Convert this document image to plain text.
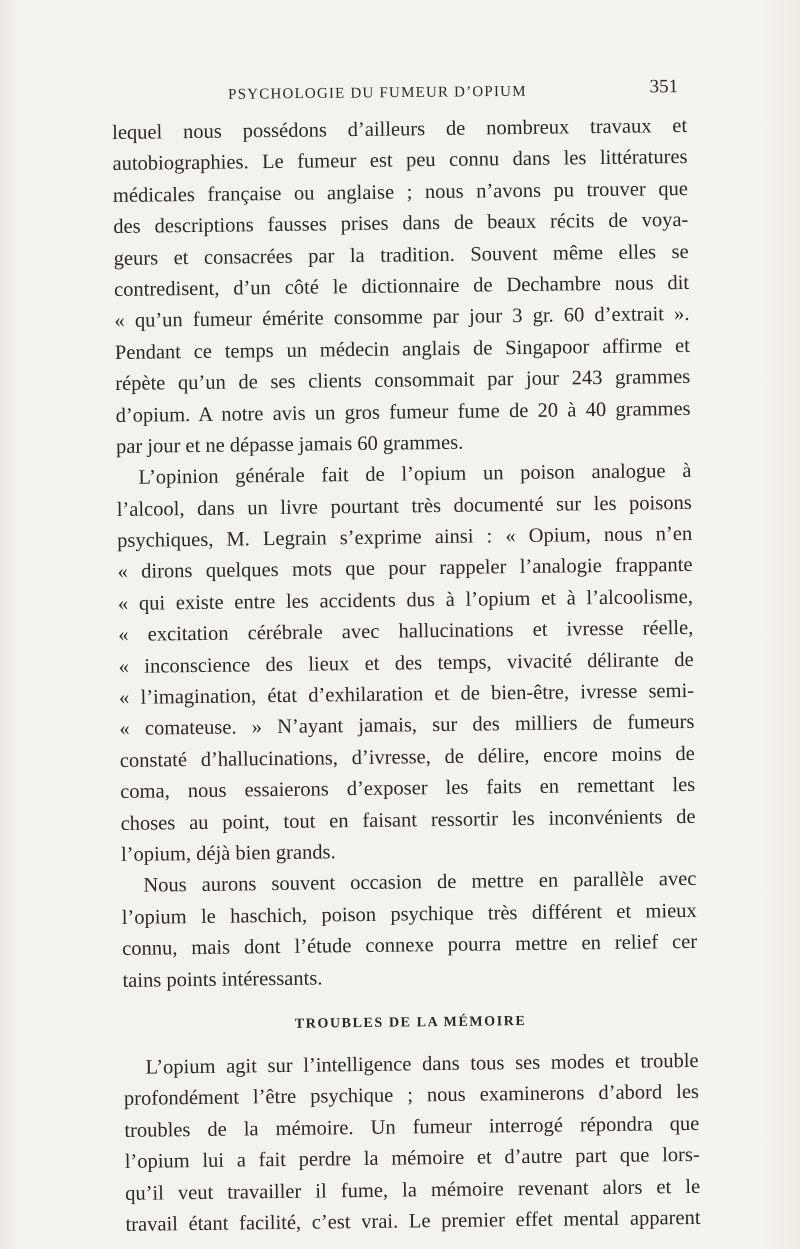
PSYCHOLOGIE DU FUMEUR D’OPIUM	351
lequel nous possédons d’ailleurs de nombreux travaux et
autobiographies. Le fumeur est peu connu dans les littératures
médicales française ou anglaise ; nous n’avons pu trouver que
des descriptions fausses prises dans de beaux récits de voya-
geurs et consacrées par la tradition. Souvent même elles se
contredisent, d’un côté le dictionnaire de Dechambre nous dit
« qu’un fumeur émérite consomme par jour 3 gr. 60 d’extrait ».
Pendant ce temps un médecin anglais de Singapoor affirme et
répète qu’un de ses clients consommait par jour 243 grammes
d’opium. A notre avis un gros fumeur fume de 20 à 40 grammes
par jour et ne dépasse jamais 60 grammes.
L’opinion générale fait de l’opium un poison analogue à
l’alcool, dans un livre pourtant très documenté sur les poisons
psychiques, M. Legrain s’exprime ainsi : « Opium, nous n’en
« dirons quelques mots que pour rappeler l’analogie frappante
« qui existe entre les accidents dus à l’opium et à l’alcoolisme,
« excitation cérébrale avec hallucinations et ivresse réelle,
« inconscience des lieux et des temps, vivacité délirante de
« l’imagination, état d’exhilaration et de bien-être, ivresse semi-
« comateuse. » N’ayant jamais, sur des milliers de fumeurs
constaté d’hallucinations, d’ivresse, de délire, encore moins de
coma, nous essaierons d’exposer les faits en remettant les
choses au point, tout en faisant ressortir les inconvénients de
l’opium, déjà bien grands.
Nous aurons souvent occasion de mettre en parallèle avec
l’opium le haschich, poison psychique très différent et mieux
connu, mais dont l’étude connexe pourra mettre en relief cer
tains points intéressants.
TROUBLES DE LA MÉMOIRE
L’opium agit sur l’intelligence dans tous ses modes et trouble
profondément l’être psychique ; nous examinerons d’abord les
troubles de la mémoire. Un fumeur interrogé répondra que
l’opium lui a fait perdre la mémoire et d’autre part que lors-
qu’il veut travailler il fume, la mémoire revenant alors et le
travail étant facilité, c’est vrai. Le premier effet mental apparent
